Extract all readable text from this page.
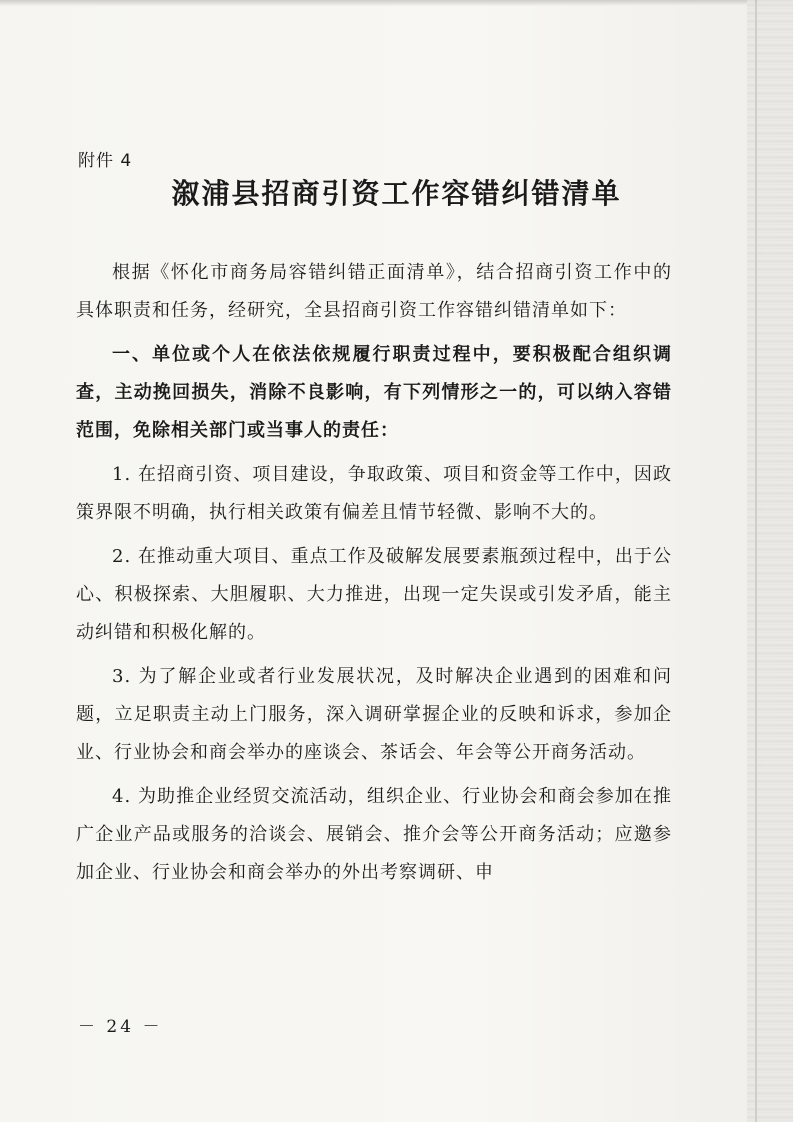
附件 4
溆浦县招商引资工作容错纠错清单

根据《怀化市商务局容错纠错正面清单》，结合招商引资工作中的具体职责和任务，经研究，全县招商引资工作容错纠错清单如下：

一、单位或个人在依法依规履行职责过程中，要积极配合组织调查，主动挽回损失，消除不良影响，有下列情形之一的，可以纳入容错范围，免除相关部门或当事人的责任：

1. 在招商引资、项目建设，争取政策、项目和资金等工作中，因政策界限不明确，执行相关政策有偏差且情节轻微、影响不大的。

2. 在推动重大项目、重点工作及破解发展要素瓶颈过程中，出于公心、积极探索、大胆履职、大力推进，出现一定失误或引发矛盾，能主动纠错和积极化解的。

3. 为了解企业或者行业发展状况，及时解决企业遇到的困难和问题，立足职责主动上门服务，深入调研掌握企业的反映和诉求，参加企业、行业协会和商会举办的座谈会、茶话会、年会等公开商务活动。

4. 为助推企业经贸交流活动，组织企业、行业协会和商会参加在推广企业产品或服务的洽谈会、展销会、推介会等公开商务活动；应邀参加企业、行业协会和商会举办的外出考察调研、申

－ 24 －
